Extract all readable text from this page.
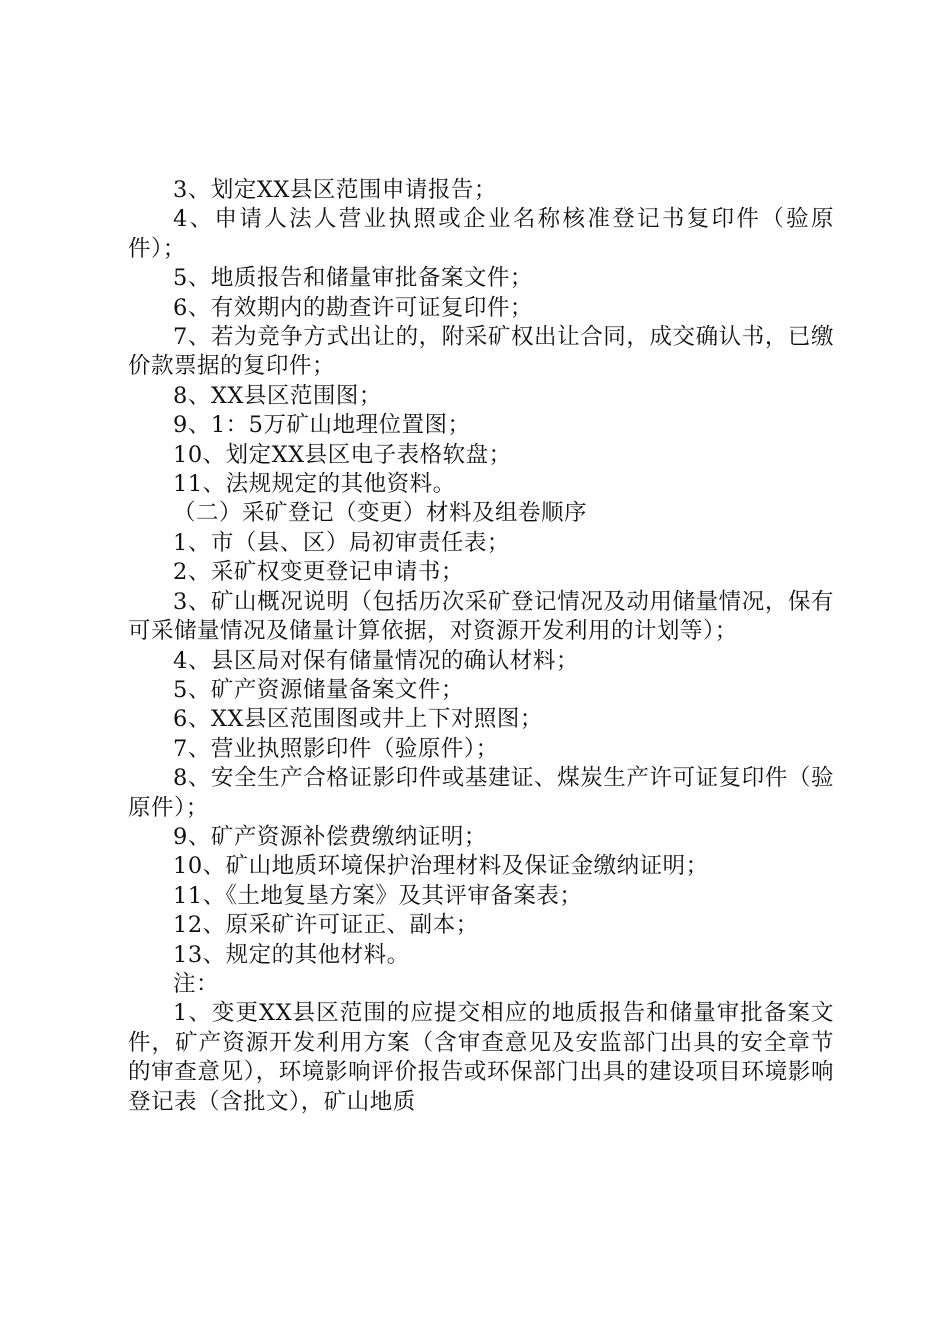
3、划定XX县区范围申请报告；

4、申请人法人营业执照或企业名称核准登记书复印件（验原件）；

5、地质报告和储量审批备案文件；

6、有效期内的勘查许可证复印件；

7、若为竞争方式出让的，附采矿权出让合同，成交确认书，已缴价款票据的复印件；

8、XX县区范围图；

9、1：5万矿山地理位置图；

10、划定XX县区电子表格软盘；

11、法规规定的其他资料。

（二）采矿登记（变更）材料及组卷顺序

1、市（县、区）局初审责任表；

2、采矿权变更登记申请书；

3、矿山概况说明（包括历次采矿登记情况及动用储量情况，保有可采储量情况及储量计算依据，对资源开发利用的计划等）；

4、县区局对保有储量情况的确认材料；

5、矿产资源储量备案文件；

6、XX县区范围图或井上下对照图；

7、营业执照影印件（验原件）；

8、安全生产合格证影印件或基建证、煤炭生产许可证复印件（验原件）；

9、矿产资源补偿费缴纳证明；

10、矿山地质环境保护治理材料及保证金缴纳证明；

11、《土地复垦方案》及其评审备案表；

12、原采矿许可证正、副本；

13、规定的其他材料。

注：

1、变更XX县区范围的应提交相应的地质报告和储量审批备案文件，矿产资源开发利用方案（含审查意见及安监部门出具的安全章节的审查意见），环境影响评价报告或环保部门出具的建设项目环境影响登记表（含批文），矿山地质
